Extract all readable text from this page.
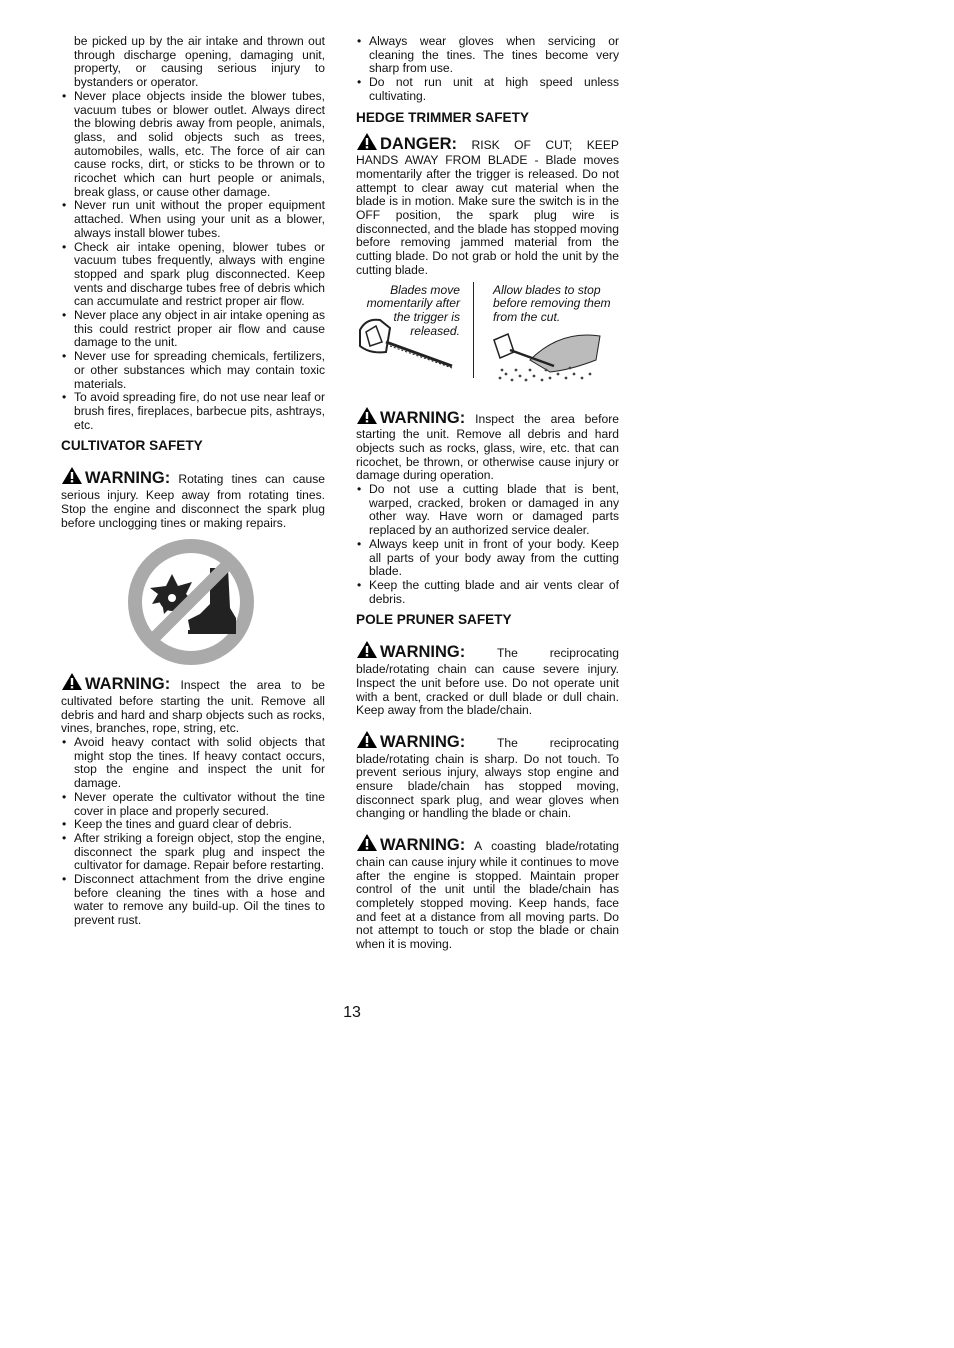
be picked up by the air intake and thrown out through discharge opening, damaging unit, property, or causing serious injury to bystanders or operator.

• Never place objects inside the blower tubes, vacuum tubes or blower outlet. Always direct the blowing debris away from people, animals, glass, and solid objects such as trees, automobiles, walls, etc. The force of air can cause rocks, dirt, or sticks to be thrown or to ricochet which can hurt people or animals, break glass, or cause other damage.
• Never run unit without the proper equipment attached. When using your unit as a blower, always install blower tubes.
• Check air intake opening, blower tubes or vacuum tubes frequently, always with engine stopped and spark plug disconnected. Keep vents and discharge tubes free of debris which can accumulate and restrict proper air flow.
• Never place any object in air intake opening as this could restrict proper air flow and cause damage to the unit.
• Never use for spreading chemicals, fertilizers, or other substances which may contain toxic materials.
• To avoid spreading fire, do not use near leaf or brush fires, fireplaces, barbecue pits, ashtrays, etc.
CULTIVATOR SAFETY

WARNING: Rotating tines can cause serious injury. Keep away from rotating tines. Stop the engine and disconnect the spark plug before unclogging tines or making repairs.

WARNING: Inspect the area to be cultivated before starting the unit. Remove all debris and hard and sharp objects such as rocks, vines, branches, rope, string, etc.

• Avoid heavy contact with solid objects that might stop the tines. If heavy contact occurs, stop the engine and inspect the unit for damage.
• Never operate the cultivator without the tine cover in place and properly secured.
• Keep the tines and guard clear of debris.
• After striking a foreign object, stop the engine, disconnect the spark plug and inspect the cultivator for damage. Repair before restarting.
• Disconnect attachment from the drive engine before cleaning the tines with a hose and water to remove any build-up. Oil the tines to prevent rust.
• Always wear gloves when servicing or cleaning the tines. The tines become very sharp from use.
• Do not run unit at high speed unless cultivating.
HEDGE TRIMMER SAFETY

DANGER: RISK OF CUT; KEEP HANDS AWAY FROM BLADE - Blade moves momentarily after the trigger is released. Do not attempt to clear away cut material when the blade is in motion. Make sure the switch is in the OFF position, the spark plug wire is disconnected, and the blade has stopped moving before removing jammed material from the cutting blade. Do not grab or hold the unit by the cutting blade.

Blades move momentarily after the trigger is released.
Allow blades to stop before removing them from the cut.

WARNING: Inspect the area before starting the unit. Remove all debris and hard objects such as rocks, glass, wire, etc. that can ricochet, be thrown, or otherwise cause injury or damage during operation.

• Do not use a cutting blade that is bent, warped, cracked, broken or damaged in any other way. Have worn or damaged parts replaced by an authorized service dealer.
• Always keep unit in front of your body. Keep all parts of your body away from the cutting blade.
• Keep the cutting blade and air vents clear of debris.
POLE PRUNER SAFETY

WARNING:	The reciprocating blade/rotating chain can cause severe injury. Inspect the unit before use. Do not operate unit with a bent, cracked or dull blade or dull chain. Keep away from the blade/chain.

WARNING:	The reciprocating blade/rotating chain is sharp. Do not touch. To prevent serious injury, always stop engine and ensure blade/chain has stopped moving, disconnect spark plug, and wear gloves when changing or handling the blade or chain.

WARNING: A coasting blade/rotating chain can cause injury while it continues to move after the engine is stopped. Maintain proper control of the unit until the blade/chain has completely stopped moving. Keep hands, face and feet at a distance from all moving parts. Do not attempt to touch or stop the blade or chain when it is moving.

13
